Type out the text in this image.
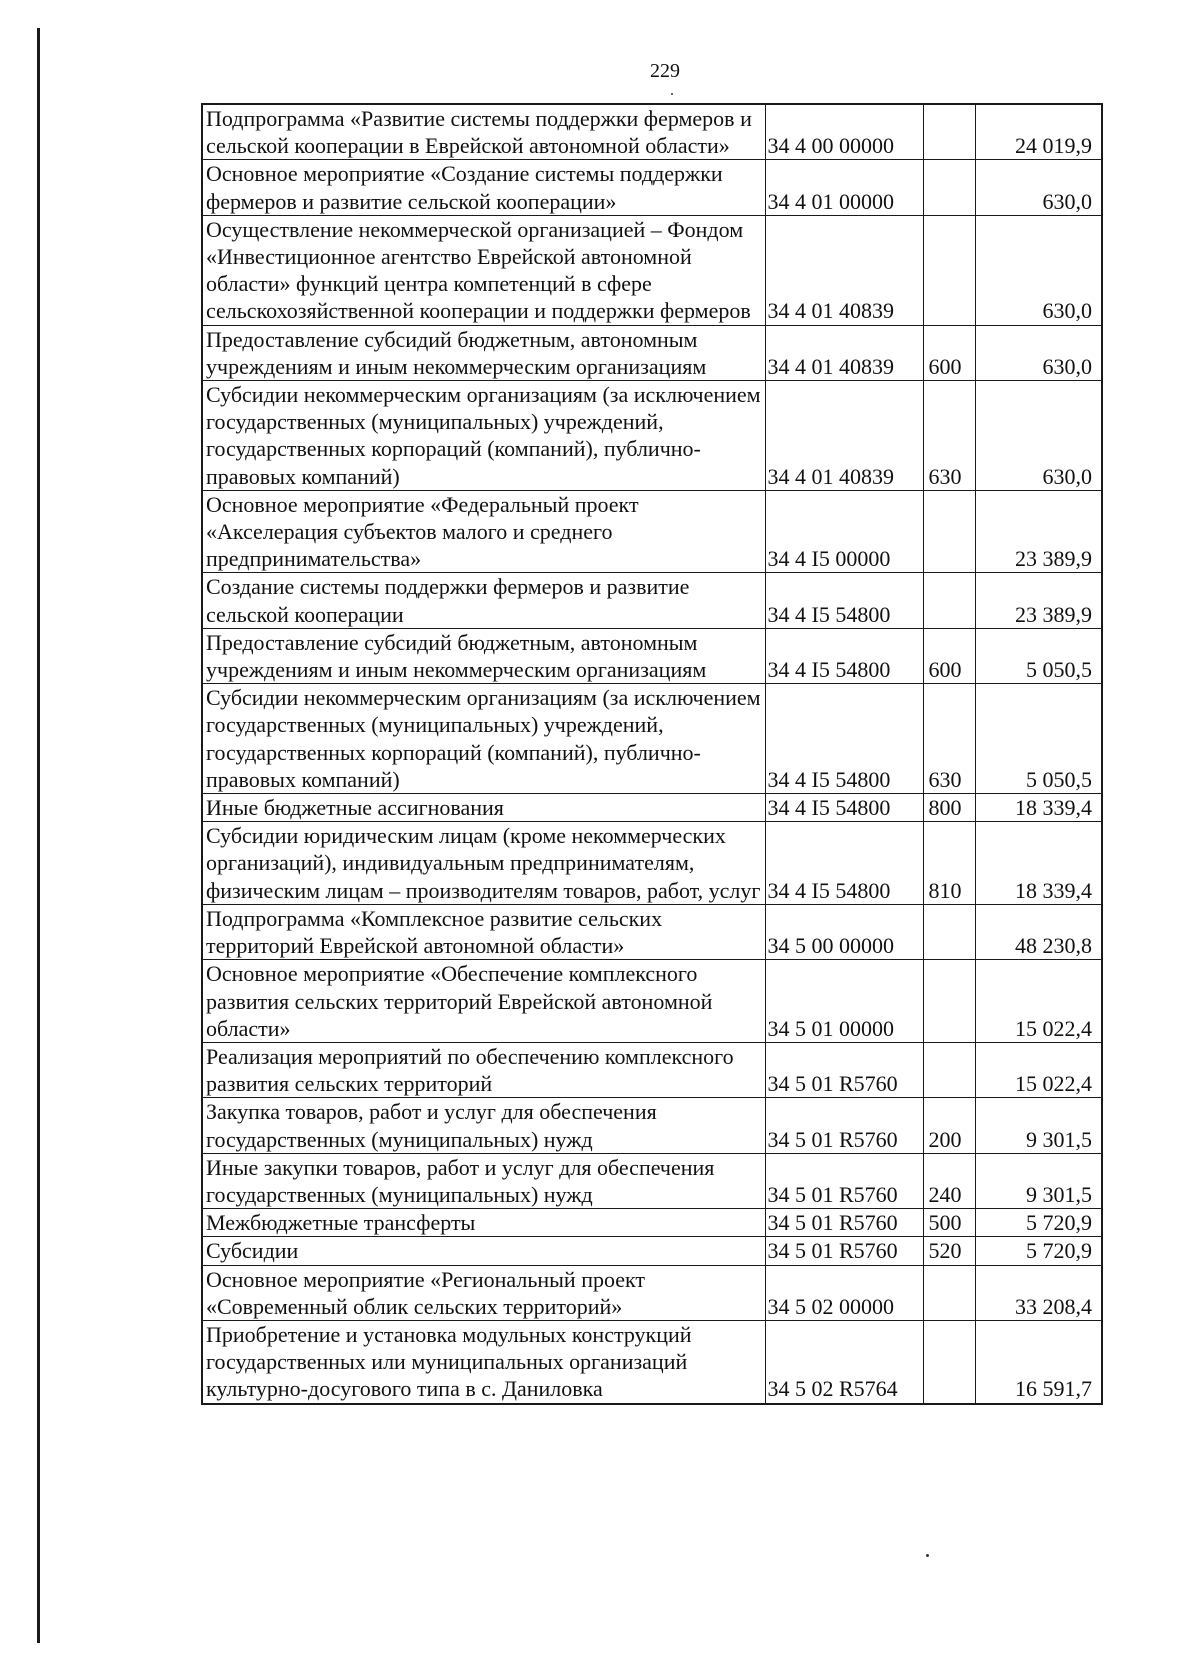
229
Подпрограмма «Развитие системы поддержки фермеров и сельской кооперации в Еврейской автономной области»	34 4 00 00000		24 019,9
Основное мероприятие «Создание системы поддержки фермеров и развитие сельской кооперации»	34 4 01 00000		630,0
Осуществление некоммерческой организацией – Фондом «Инвестиционное агентство Еврейской автономной области» функций центра компетенций в сфере сельскохозяйственной кооперации и поддержки фермеров	34 4 01 40839		630,0
Предоставление субсидий бюджетным, автономным учреждениям и иным некоммерческим организациям	34 4 01 40839	600	630,0
Субсидии некоммерческим организациям (за исключением государственных (муниципальных) учреждений, государственных корпораций (компаний), публично-правовых компаний)	34 4 01 40839	630	630,0
Основное мероприятие «Федеральный проект «Акселерация субъектов малого и среднего предпринимательства»	34 4 I5 00000		23 389,9
Создание системы поддержки фермеров и развитие сельской кооперации	34 4 I5 54800		23 389,9
Предоставление субсидий бюджетным, автономным учреждениям и иным некоммерческим организациям	34 4 I5 54800	600	5 050,5
Субсидии некоммерческим организациям (за исключением государственных (муниципальных) учреждений, государственных корпораций (компаний), публично-правовых компаний)	34 4 I5 54800	630	5 050,5
Иные бюджетные ассигнования	34 4 I5 54800	800	18 339,4
Субсидии юридическим лицам (кроме некоммерческих организаций), индивидуальным предпринимателям, физическим лицам – производителям товаров, работ, услуг	34 4 I5 54800	810	18 339,4
Подпрограмма «Комплексное развитие сельских территорий Еврейской автономной области»	34 5 00 00000		48 230,8
Основное мероприятие «Обеспечение комплексного развития сельских территорий Еврейской автономной области»	34 5 01 00000		15 022,4
Реализация мероприятий по обеспечению комплексного развития сельских территорий	34 5 01 R5760		15 022,4
Закупка товаров, работ и услуг для обеспечения государственных (муниципальных) нужд	34 5 01 R5760	200	9 301,5
Иные закупки товаров, работ и услуг для обеспечения государственных (муниципальных) нужд	34 5 01 R5760	240	9 301,5
Межбюджетные трансферты	34 5 01 R5760	500	5 720,9
Субсидии	34 5 01 R5760	520	5 720,9
Основное мероприятие «Региональный проект «Современный облик сельских территорий»	34 5 02 00000		33 208,4
Приобретение и установка модульных конструкций государственных или муниципальных организаций культурно-досугового типа в с. Даниловка	34 5 02 R5764		16 591,7
